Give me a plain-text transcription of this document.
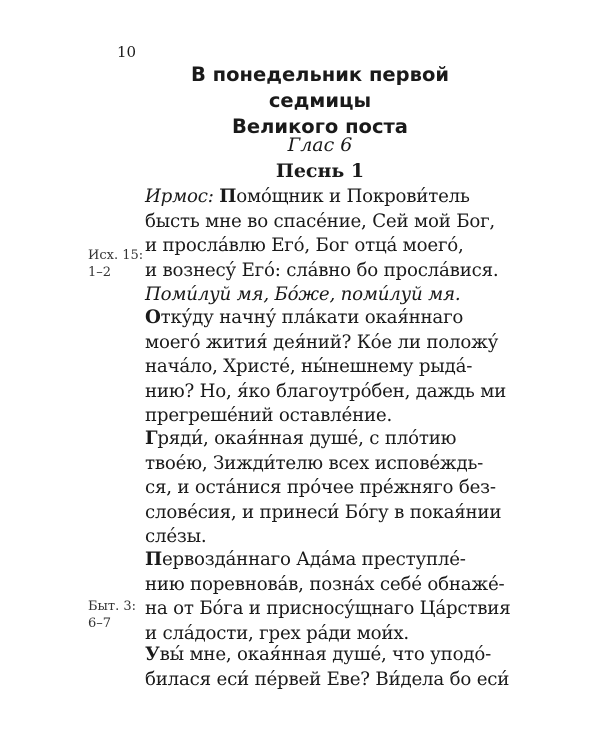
10
В понедельник первой седмицы
Великого поста
Глас 6
Песнь 1
Ирмос: Помо́щник и Покрови́тель
бысть мне во спасе́ние, Сей мой Бог,
и просла́влю Его́, Бог отца́ моего́,
и вознесу́ Его́: сла́вно бо просла́вися.
Поми́луй мя, Бо́же, поми́луй мя.
Отку́ду начну́ пла́кати окая́ннаго
моего́ жития́ дея́ний? Ко́е ли положу́
нача́ло, Христе́, ны́нешнему рыда́-
нию? Но, я́ко благоутро́бен, даждь ми
прегреше́ний оставле́ние.
Гряди́, окая́нная душе́, с пло́тию
твое́ю, Зижди́телю всех испове́ждь-
ся, и оста́нися про́чее пре́жняго без-
слове́сия, и принеси́ Бо́гу в покая́нии
сле́зы.
Первозда́ннаго Ада́ма преступле́-
нию поревнова́в, позна́х себе́ обнаже́-
на от Бо́га и присносу́щнаго Ца́рствия
и сла́дости, грех ра́ди мои́х.
Увы́ мне, окая́нная душе́, что уподо́-
билася еси́ пе́рвей Еве? Ви́дела бо еси́
Исх. 15:
1–2
Быт. 3:
6–7
